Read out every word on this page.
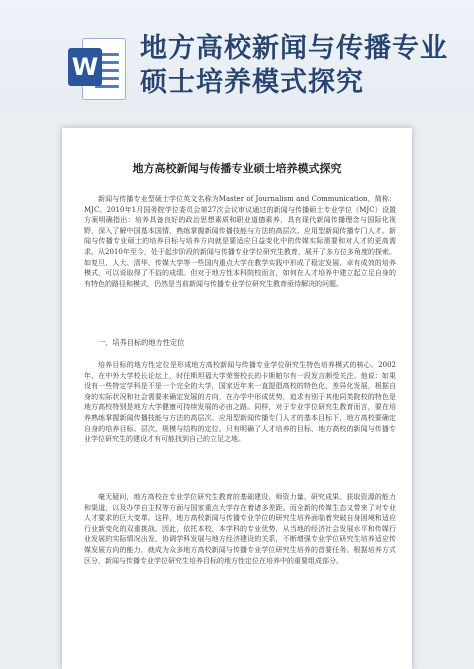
W
地方高校新闻与传播专业硕士培养模式探究
地方高校新闻与传播专业硕士培养模式探究
新闻与传播专业型硕士学位英文名称为Master of Journalism and Communication，简称：MJC。2010年1月国务院学位委员会第27次会议审议通过的新闻与传播硕士专业学位（MJC）设置方案明确指出：培养具备良好的政治思想素质和职业道德素养，具有现代新闻传播理念与国际化视野，深入了解中国基本国情，熟练掌握新闻传播技能与方法的高层次、应用型新闻传播专门人才。新闻与传播专业硕士的培养目标与培养方向就是要适应日益变化中的传媒实际需要和对人才的更高需求。从2010年至今，处于起步阶段的新闻与传播专业学位研究生教育，展开了多方位多角度的探索。如复旦、人大、清华、传媒大学等一些国内重点大学在教学实践中形成了稳定发展、卓有成效的培养模式，可以说取得了不俗的成绩。但对于地方性本科院校而言，如何在人才培养中建立起立足自身的有特色的路径和模式，仍然是当前新闻与传播专业学位研究生教育亟待解决的问题。
一、培养目标的地方性定位
培养目标的地方性定位是形成地方高校新闻与传播专业学位研究生特色培养模式的核心。2002年，在中外大学校长论坛上，时任斯坦福大学荣誉校长的卡斯帕尔有一段发言颇受关注。他说：如果没有一些特定学科是不是一个完全的大学，国家近年来一直提倡高校的特色化，差异化发展，根据自身的实际状况和社会需要来确定发展的方向，在办学中形成优势，追求有别于其他同类院校的特色是地方高校特别是地方大学健康可持续发展的必由之路。同样，对于专业学位研究生教育而言，要在培养熟练掌握新闻传播技能与方法的高层次、应用型新闻传播专门人才的基本目标下，地方高校要确定自身的培养目标、层次、规模与结构的定位。只有明确了人才培养的目标，地方高校的新闻与传播专业学位研究生的建设才有可能找到自己的立足之地。
毫无疑问，地方高校在专业学位研究生教育的基础建设、师资力量、研究成果、获取资源的能力和渠道，以及办学自主权等方面与国家重点大学存在着诸多差距。而全新的传媒生态又带来了对专业人才要求的巨大变革。这样，地方高校新闻与传播专业学位的研究生培养面临着突破自身困境和适应行业新变化的双重挑战。因此，依托本校，本学科的专业优势，从当地的经济社会发展水平和传媒行业发展的实际情况出发，协调学科发展与地方经济建设的关系，不断增强专业学位研究生培养适应传媒发展方向的能力，就成为众多地方高校新闻与传播专业学位研究生培养的首要任务。根据培养方式区分，新闻与传播专业学位研究生培养目标的地方性定位在培养中的重要组成部分。
